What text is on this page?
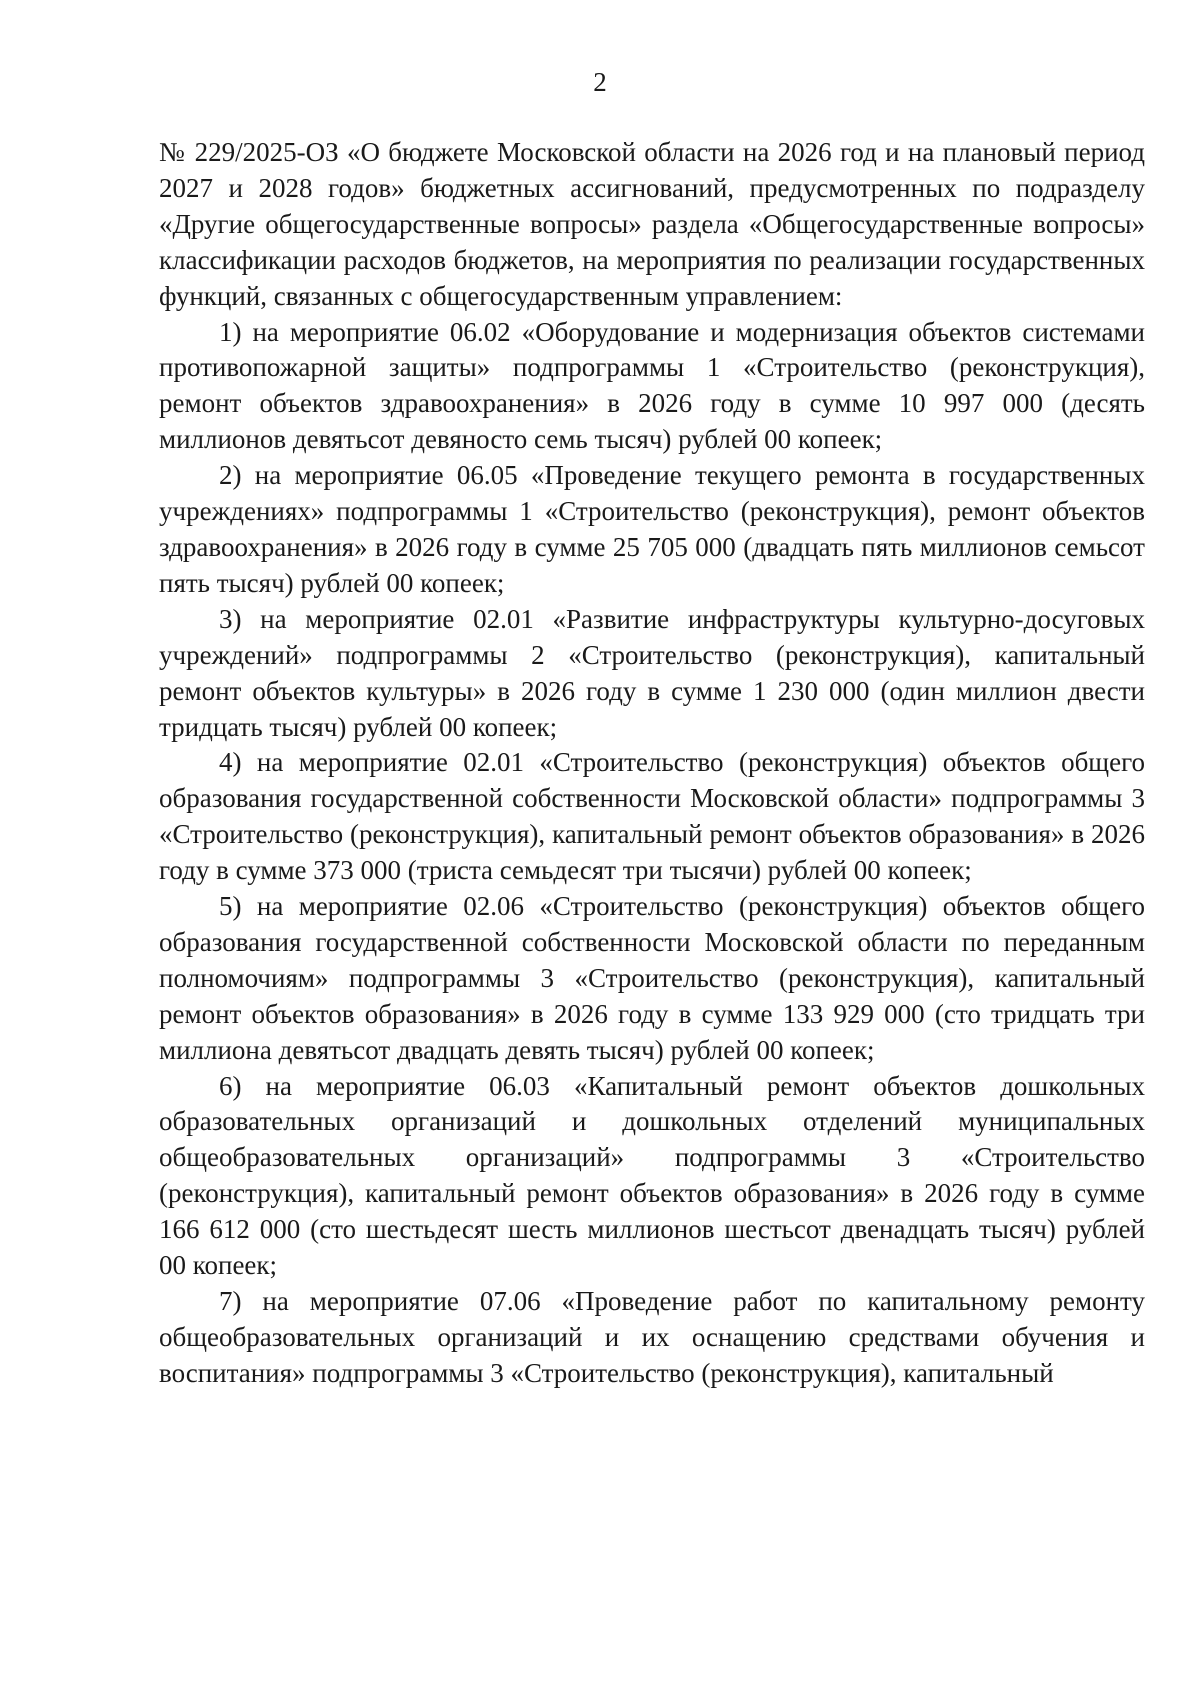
2

№ 229/2025-ОЗ «О бюджете Московской области на 2026 год и на плановый период 2027 и 2028 годов» бюджетных ассигнований, предусмотренных по подразделу «Другие общегосударственные вопросы» раздела «Общегосударственные вопросы» классификации расходов бюджетов, на мероприятия по реализации государственных функций, связанных с общегосударственным управлением:

1) на мероприятие 06.02 «Оборудование и модернизация объектов системами противопожарной защиты» подпрограммы 1 «Строительство (реконструкция), ремонт объектов здравоохранения» в 2026 году в сумме 10 997 000 (десять миллионов девятьсот девяносто семь тысяч) рублей 00 копеек;

2) на мероприятие 06.05 «Проведение текущего ремонта в государственных учреждениях» подпрограммы 1 «Строительство (реконструкция), ремонт объектов здравоохранения» в 2026 году в сумме 25 705 000 (двадцать пять миллионов семьсот пять тысяч) рублей 00 копеек;

3) на мероприятие 02.01 «Развитие инфраструктуры культурно-досуговых учреждений» подпрограммы 2 «Строительство (реконструкция), капитальный ремонт объектов культуры» в 2026 году в сумме 1 230 000 (один миллион двести тридцать тысяч) рублей 00 копеек;

4) на мероприятие 02.01 «Строительство (реконструкция) объектов общего образования государственной собственности Московской области» подпрограммы 3 «Строительство (реконструкция), капитальный ремонт объектов образования» в 2026 году в сумме 373 000 (триста семьдесят три тысячи) рублей 00 копеек;

5) на мероприятие 02.06 «Строительство (реконструкция) объектов общего образования государственной собственности Московской области по переданным полномочиям» подпрограммы 3 «Строительство (реконструкция), капитальный ремонт объектов образования» в 2026 году в сумме 133 929 000 (сто тридцать три миллиона девятьсот двадцать девять тысяч) рублей 00 копеек;

6) на мероприятие 06.03 «Капитальный ремонт объектов дошкольных образовательных организаций и дошкольных отделений муниципальных общеобразовательных организаций» подпрограммы 3 «Строительство (реконструкция), капитальный ремонт объектов образования» в 2026 году в сумме 166 612 000 (сто шестьдесят шесть миллионов шестьсот двенадцать тысяч) рублей 00 копеек;

7) на мероприятие 07.06 «Проведение работ по капитальному ремонту общеобразовательных организаций и их оснащению средствами обучения и воспитания» подпрограммы 3 «Строительство (реконструкция), капитальный
